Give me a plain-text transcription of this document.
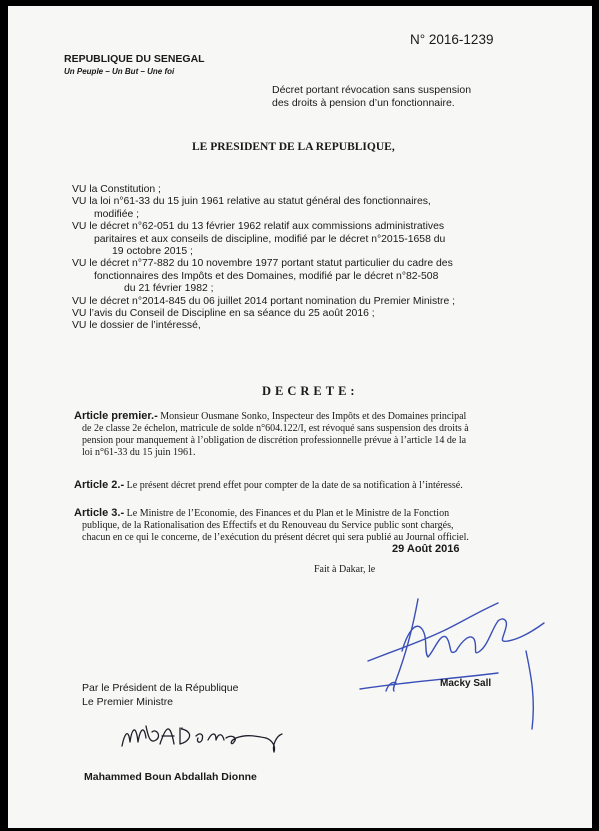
N° 2016-1239
REPUBLIQUE DU SENEGAL
Un Peuple – Un But – Une foi
Décret portant révocation sans suspension
des droits à pension d’un fonctionnaire.
LE PRESIDENT DE LA REPUBLIQUE,
VU la Constitution ;
VU la loi n°61-33 du 15 juin 1961 relative au statut général des fonctionnaires,
modifiée ;
VU le décret n°62-051 du 13 février 1962 relatif aux commissions administratives
paritaires et aux conseils de discipline, modifié par le décret n°2015-1658 du
19 octobre 2015 ;
VU le décret n°77-882 du 10 novembre 1977 portant statut particulier du cadre des
fonctionnaires des Impôts et des Domaines, modifié par le décret n°82-508
du 21 février 1982 ;
VU le décret n°2014-845 du 06 juillet 2014 portant nomination du Premier Ministre ;
VU l’avis du Conseil de Discipline en sa séance du 25 août 2016 ;
VU le dossier de l’intéressé,
DECRETE:
Article premier.- Monsieur Ousmane Sonko, Inspecteur des Impôts et des Domaines principal
de 2e classe 2e échelon, matricule de solde n°604.122/I, est révoqué sans suspension des droits à
pension pour manquement à l’obligation de discrétion professionnelle prévue à l’article 14 de la
loi n°61-33 du 15 juin 1961.
Article 2.- Le présent décret prend effet pour compter de la date de sa notification à l’intéressé.
Article 3.- Le Ministre de l’Economie, des Finances et du Plan et le Ministre de la Fonction
publique, de la Rationalisation des Effectifs et du Renouveau du Service public sont chargés,
chacun en ce qui le concerne, de l’exécution du présent décret qui sera publié au Journal officiel.
29 Août 2016
Fait à Dakar, le
Macky Sall
Par le Président de la République
Le Premier Ministre
Mahammed Boun Abdallah Dionne
